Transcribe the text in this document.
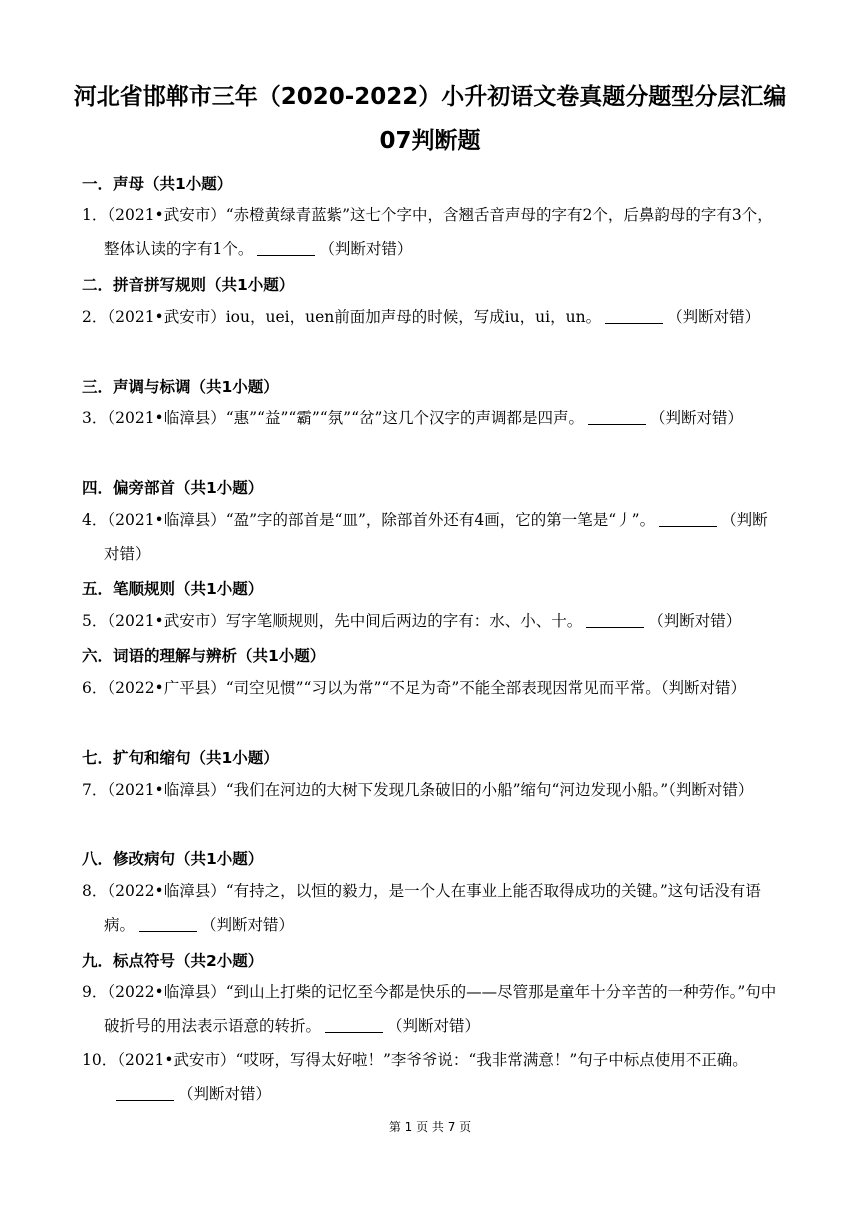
河北省邯郸市三年（2020-2022）小升初语文卷真题分题型分层汇编
07判断题
一．声母（共1小题）
1．（2021•武安市）“赤橙黄绿青蓝紫”这七个字中，含翘舌音声母的字有2个，后鼻韵母的字有3个，整体认读的字有1个。	（判断对错）
二．拼音拼写规则（共1小题）
2．（2021•武安市）iou，uei，uen前面加声母的时候，写成iu，ui，un。	（判断对错）
三．声调与标调（共1小题）
3．（2021•临漳县）“惠”“益”“霸”“氛”“岔”这几个汉字的声调都是四声。	（判断对错）
四．偏旁部首（共1小题）
4．（2021•临漳县）“盈”字的部首是“皿”，除部首外还有4画，它的第一笔是“丿”。	（判断对错）
五．笔顺规则（共1小题）
5．（2021•武安市）写字笔顺规则，先中间后两边的字有：水、小、十。	（判断对错）
六．词语的理解与辨析（共1小题）
6．（2022•广平县）“司空见惯”“习以为常”“不足为奇”不能全部表现因常见而平常。（判断对错）
七．扩句和缩句（共1小题）
7．（2021•临漳县）“我们在河边的大树下发现几条破旧的小船”缩句“河边发现小船。”（判断对错）
八．修改病句（共1小题）
8．（2022•临漳县）“有持之，以恒的毅力，是一个人在事业上能否取得成功的关键。”这句话没有语病。	（判断对错）
九．标点符号（共2小题）
9．（2022•临漳县）“到山上打柴的记忆至今都是快乐的——尽管那是童年十分辛苦的一种劳作。”句中破折号的用法表示语意的转折。	（判断对错）
10．（2021•武安市）“哎呀，写得太好啦！”李爷爷说：“我非常满意！”句子中标点使用不正确。（判断对错）
第 1 页 共 7 页
